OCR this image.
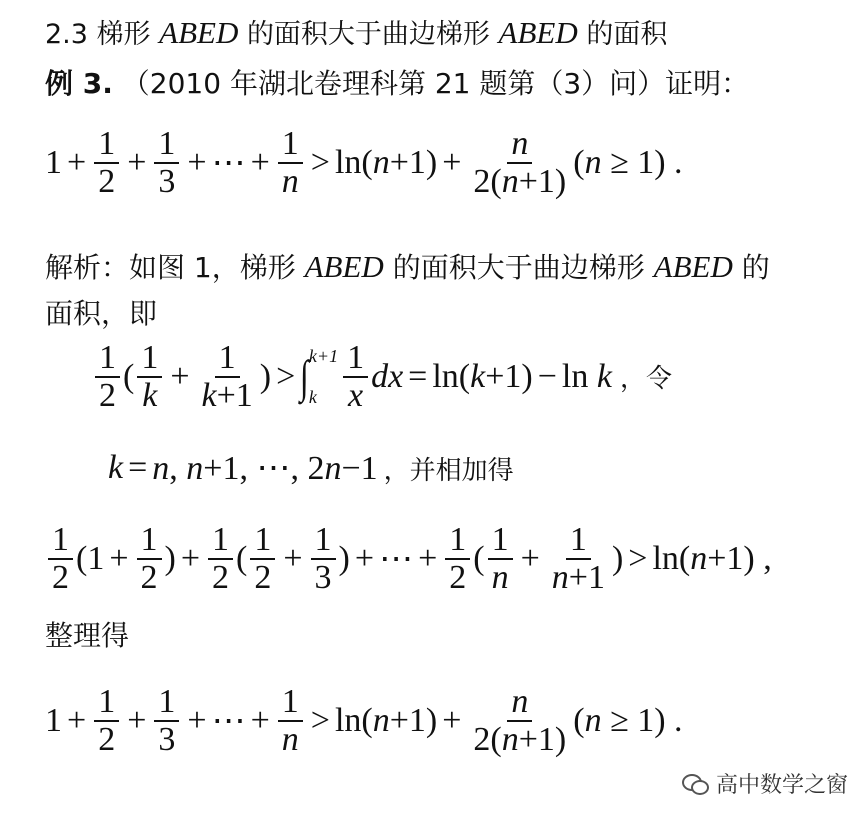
2.3 梯形 ABED 的面积大于曲边梯形 ABED 的面积
例 3. （2010 年湖北卷理科第 21 题第（3）问）证明：
$1 + \frac{1}{2} + \frac{1}{3}$ + ⋯ + $\frac{1}{n} > \ln(n+1) + \frac{n}{2(n+1)} (n \ge 1)$ .
解析：如图 1，梯形 ABED 的面积大于曲边梯形 ABED 的
面积，即
$\frac{1}{2}$ ( $\frac{1}{k} + \frac{1}{k+1}$ ) > ∫ k+1
k $\frac{1}{x}$ dx = ln(k+1) − ln k ，令
k = n, n+1, ⋯, 2n−1 ，并相加得
$\frac{1}{2} (1 + \frac{1}{2}$ ) + $\frac{1}{2}$ ( $\frac{1}{2} + \frac{1}{3}$ ) + ⋯ + $\frac{1}{2}$ ( $\frac{1}{n} + \frac{1}{n+1}$ ) > ln(n+1) ,
整理得
$1 + \frac{1}{2} + \frac{1}{3}$ + ⋯ + $\frac{1}{n} > \ln(n+1) + \frac{n}{2(n+1)} (n \ge 1)$ .
高中数学之窗
